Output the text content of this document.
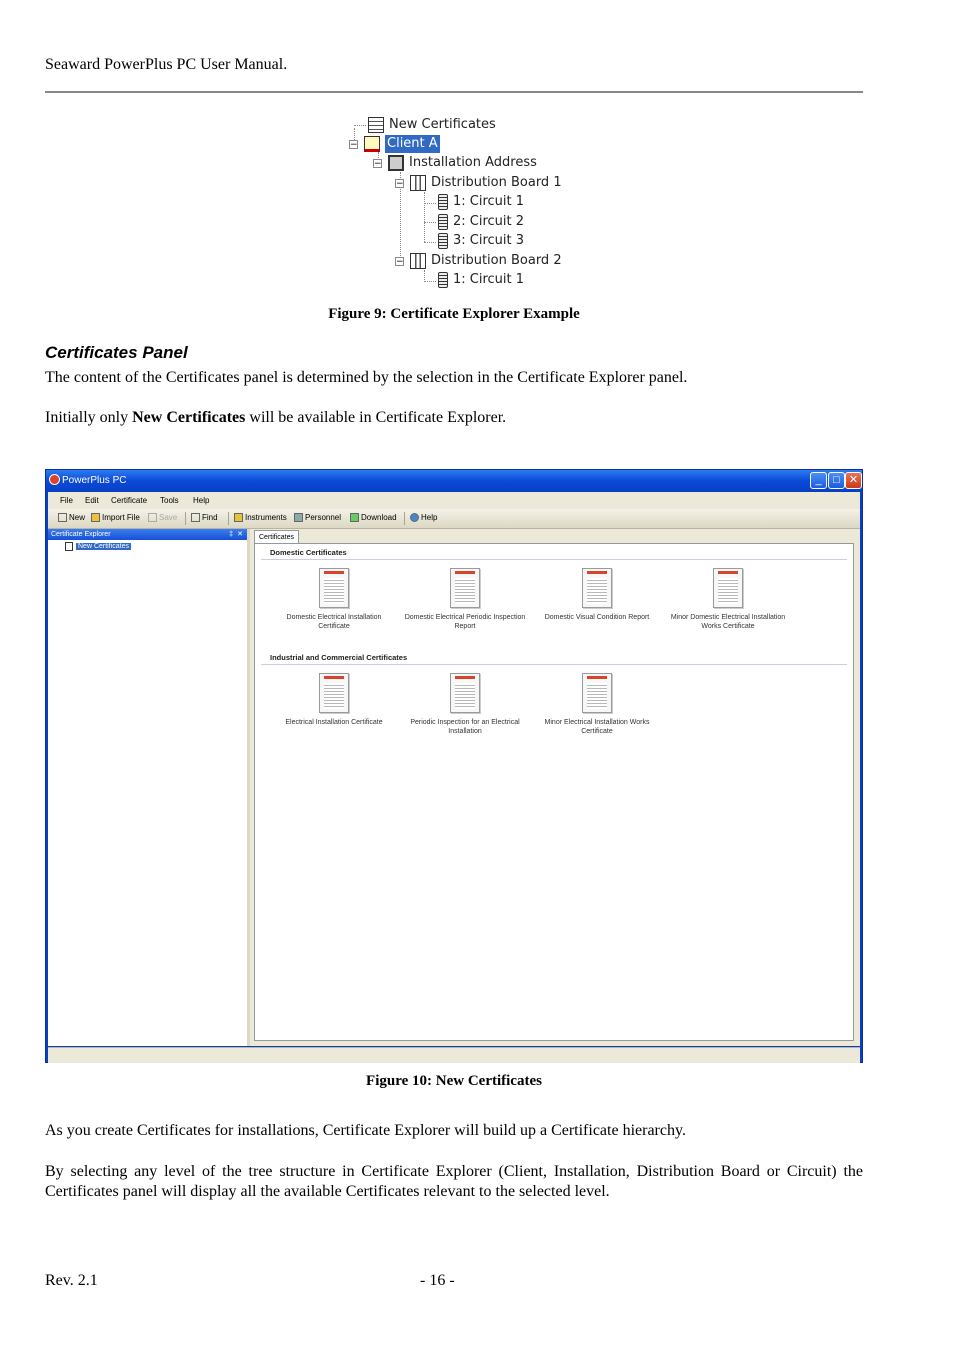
Seaward PowerPlus PC User Manual.
New Certificates
− Client A
− Installation Address
− Distribution Board 1
1: Circuit 1
2: Circuit 2
3: Circuit 3
− Distribution Board 2
1: Circuit 1
Figure 9: Certificate Explorer Example
Certificates Panel
The content of the Certificates panel is determined by the selection in the Certificate Explorer panel.
Initially only New Certificates will be available in Certificate Explorer.
PowerPlus PC	_	□ ✕
File Edit Certificate Tools Help
New Import File Save	Find	Instruments Personnel Download	Help
Certificate Explorer	‡ ✕
New Certificates
Certificates
Domestic Certificates
Domestic Electrical Installation Certificate
Domestic Electrical Periodic Inspection Report
Domestic Visual Condition Report	Minor Domestic Electrical Installation Works Certificate
Industrial and Commercial Certificates
Electrical Installation Certificate	Periodic Inspection for an Electrical Installation
Minor Electrical Installation Works Certificate
Figure 10: New Certificates
As you create Certificates for installations, Certificate Explorer will build up a Certificate hierarchy.
By selecting any level of the tree structure in Certificate Explorer (Client, Installation, Distribution Board or Circuit) the Certificates panel will display all the available Certificates relevant to the selected level.
Rev. 2.1	- 16 -
